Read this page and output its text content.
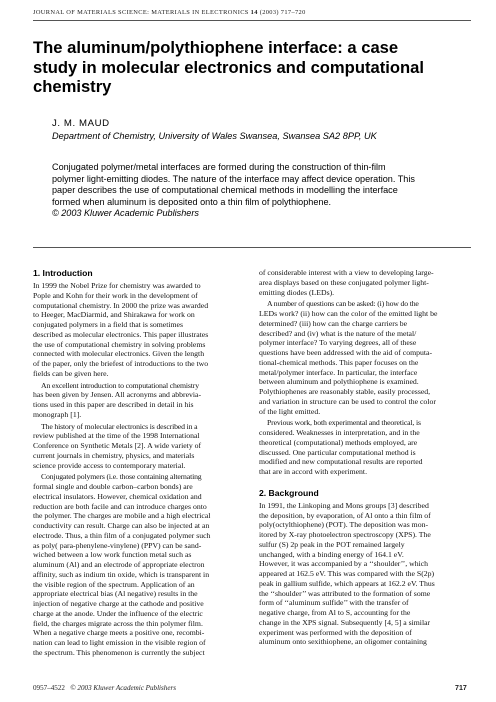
JOURNAL OF MATERIALS SCIENCE: MATERIALS IN ELECTRONICS 14 (2003) 717–720
The aluminum/polythiophene interface: a case
study in molecular electronics and computational
chemistry
J. M. MAUD
Department of Chemistry, University of Wales Swansea, Swansea SA2 8PP, UK
Conjugated polymer/metal interfaces are formed during the construction of thin-film
polymer light-emitting diodes. The nature of the interface may affect device operation. This
paper describes the use of computational chemical methods in modelling the interface
formed when aluminum is deposited onto a thin film of polythiophene.
© 2003 Kluwer Academic Publishers
1. Introduction

In 1999 the Nobel Prize for chemistry was awarded to
Pople and Kohn for their work in the development of
computational chemistry. In 2000 the prize was awarded
to Heeger, MacDiarmid, and Shirakawa for work on
conjugated polymers in a field that is sometimes
described as molecular electronics. This paper illustrates
the use of computational chemistry in solving problems
connected with molecular electronics. Given the length
of the paper, only the briefest of introductions to the two
fields can be given here.

An excellent introduction to computational chemistry
has been given by Jensen. All acronyms and abbrevia-
tions used in this paper are described in detail in his
monograph [1].

The history of molecular electronics is described in a
review published at the time of the 1998 International
Conference on Synthetic Metals [2]. A wide variety of
current journals in chemistry, physics, and materials
science provide access to contemporary material.

Conjugated polymers (i.e. those containing alternating
formal single and double carbon–carbon bonds) are
electrical insulators. However, chemical oxidation and
reduction are both facile and can introduce charges onto
the polymer. The charges are mobile and a high electrical
conductivity can result. Charge can also be injected at an
electrode. Thus, a thin film of a conjugated polymer such
as poly( para-phenylene-vinylene) (PPV) can be sand-
wiched between a low work function metal such as
aluminum (Al) and an electrode of appropriate electron
affinity, such as indium tin oxide, which is transparent in
the visible region of the spectrum. Application of an
appropriate electrical bias (Al negative) results in the
injection of negative charge at the cathode and positive
charge at the anode. Under the influence of the electric
field, the charges migrate across the thin polymer film.
When a negative charge meets a positive one, recombi-
nation can lead to light emission in the visible region of
the spectrum. This phenomenon is currently the subject

of considerable interest with a view to developing large-
area displays based on these conjugated polymer light-
emitting diodes (LEDs).

A number of questions can be asked: (i) how do the
LEDs work? (ii) how can the color of the emitted light be
determined? (iii) how can the charge carriers be
described? and (iv) what is the nature of the metal/
polymer interface? To varying degrees, all of these
questions have been addressed with the aid of computa-
tional-chemical methods. This paper focuses on the
metal/polymer interface. In particular, the interface
between aluminum and polythiophene is examined.
Polythiophenes are reasonably stable, easily processed,
and variation in structure can be used to control the color
of the light emitted.

Previous work, both experimental and theoretical, is
considered. Weaknesses in interpretation, and in the
theoretical (computational) methods employed, are
discussed. One particular computational method is
modified and new computational results are reported
that are in accord with experiment.

2. Background

In 1991, the Linkoping and Mons groups [3] described
the deposition, by evaporation, of Al onto a thin film of
poly(octylthiophene) (POT). The deposition was mon-
itored by X-ray photoelectron spectroscopy (XPS). The
sulfur (S) 2p peak in the POT remained largely
unchanged, with a binding energy of 164.1 eV.
However, it was accompanied by a ‘‘shoulder’’, which
appeared at 162.5 eV. This was compared with the S(2p)
peak in gallium sulfide, which appears at 162.2 eV. Thus
the ‘‘shoulder’’ was attributed to the formation of some
form of ‘‘aluminum sulfide’’ with the transfer of
negative charge, from Al to S, accounting for the
change in the XPS signal. Subsequently [4, 5] a similar
experiment was performed with the deposition of
aluminum onto sexithiophene, an oligomer containing

0957–4522 © 2003 Kluwer Academic Publishers	717
